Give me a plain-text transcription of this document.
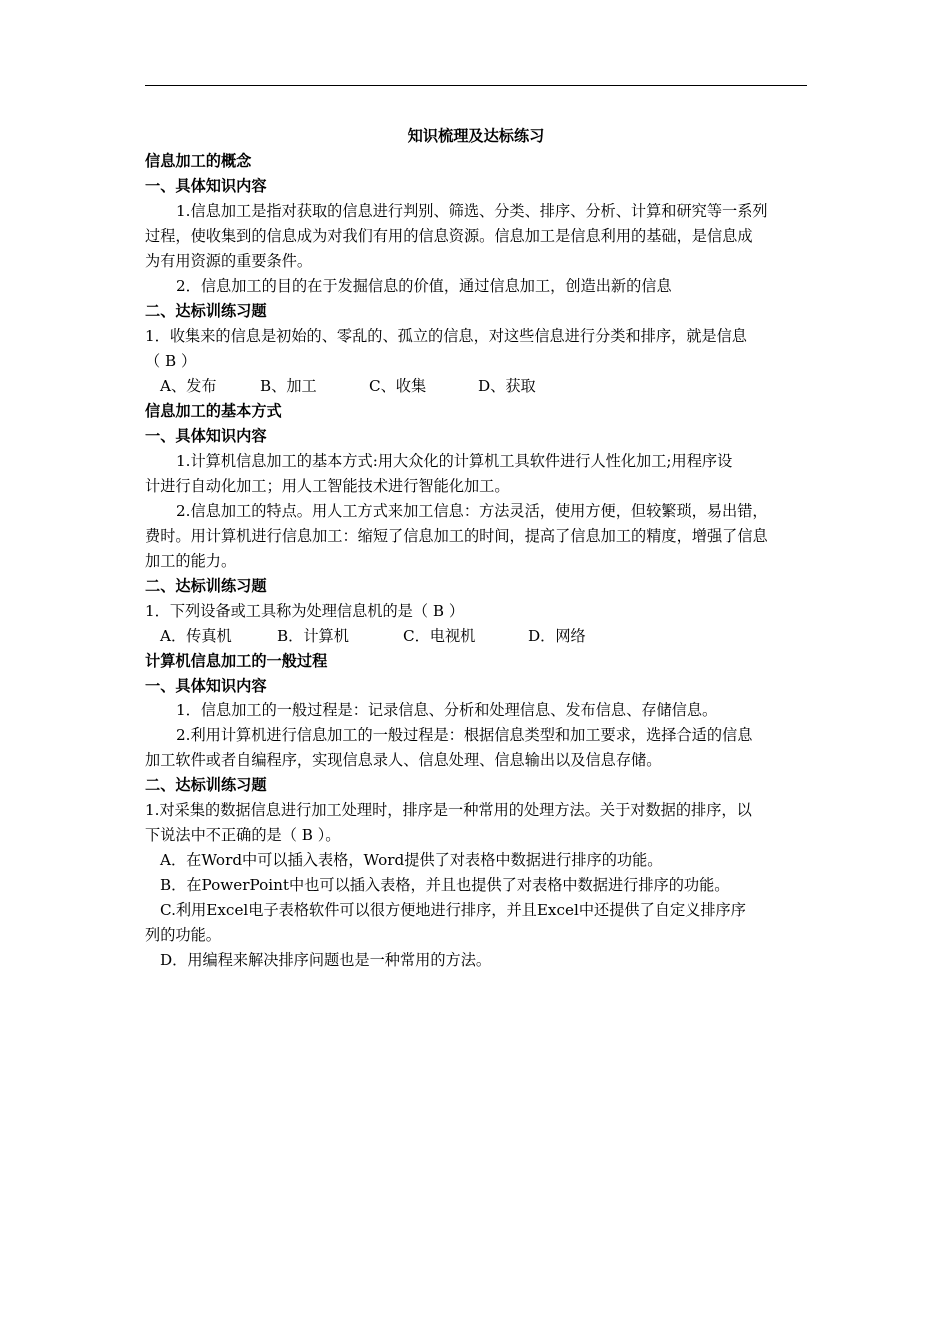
知识梳理及达标练习
信息加工的概念
一、具体知识内容
1.信息加工是指对获取的信息进行判别、筛选、分类、排序、分析、计算和研究等一系列
过程，使收集到的信息成为对我们有用的信息资源。信息加工是信息利用的基础，是信息成
为有用资源的重要条件。
2．信息加工的目的在于发掘信息的价值，通过信息加工，创造出新的信息
二、达标训练习题
1．收集来的信息是初始的、零乱的、孤立的信息，对这些信息进行分类和排序，就是信息
（ B ）
A、发布	B、加工	C、收集	D、获取
信息加工的基本方式
一、具体知识内容
1.计算机信息加工的基本方式:用大众化的计算机工具软件进行人性化加工;用程序设
计进行自动化加工；用人工智能技术进行智能化加工。
2.信息加工的特点。用人工方式来加工信息：方法灵活，使用方便，但较繁琐，易出错，
费时。用计算机进行信息加工：缩短了信息加工的时间，提高了信息加工的精度，增强了信息
加工的能力。
二、达标训练习题
1．下列设备或工具称为处理信息机的是（ B ）
A．传真机	B．计算机	C．电视机	D．网络
计算机信息加工的一般过程
一、具体知识内容
1．信息加工的一般过程是：记录信息、分析和处理信息、发布信息、存储信息。
2.利用计算机进行信息加工的一般过程是：根据信息类型和加工要求，选择合适的信息
加工软件或者自编程序，实现信息录人、信息处理、信息输出以及信息存储。
二、达标训练习题
1.对采集的数据信息进行加工处理时，排序是一种常用的处理方法。关于对数据的排序，以
下说法中不正确的是（ B ）。
A．在Word中可以插入表格，Word提供了对表格中数据进行排序的功能。
B．在PowerPoint中也可以插入表格，并且也提供了对表格中数据进行排序的功能。
C.利用Excel电子表格软件可以很方便地进行排序，并且Excel中还提供了自定义排序序
列的功能。
D．用编程来解决排序问题也是一种常用的方法。
